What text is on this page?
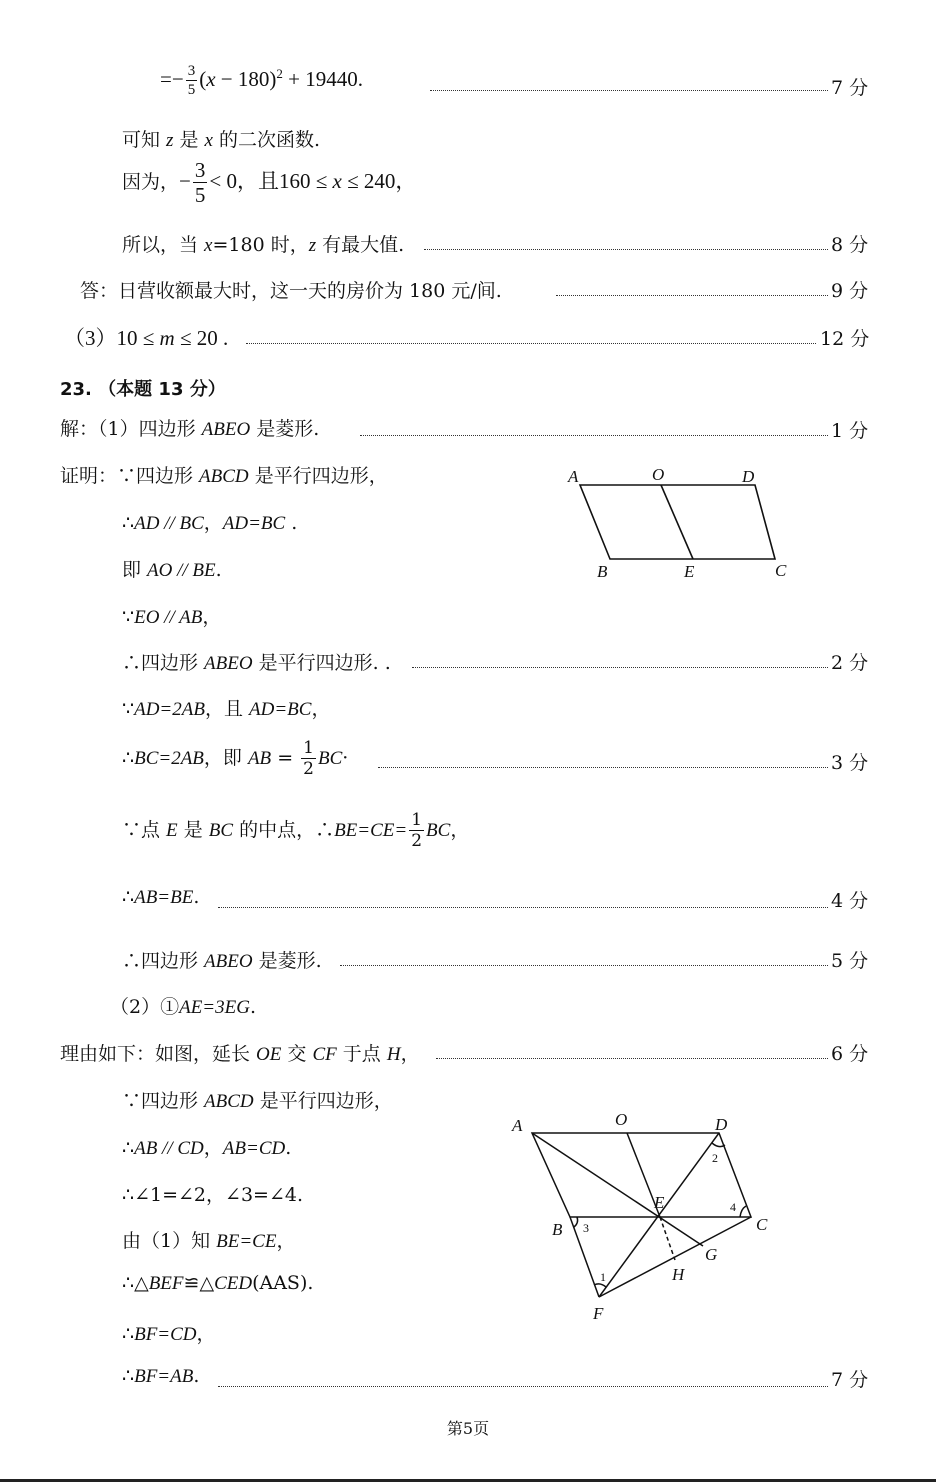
=− $\frac{3}{5} (x - 180)^2 + 19440$.	7 分
可知 z 是 x 的二次函数.
因为，− $\frac{3}{5} < 0$，且160 ≤ x ≤ 240，
所以，当 x=180 时，z 有最大值.	8 分
答：日营收额最大时，这一天的房价为 180 元/间.	9 分
（3）10 ≤ m ≤ 20 .	12 分
23. （本题 13 分）
解：（1）四边形 ABEO 是菱形.	1 分
证明：∵四边形 ABCD 是平行四边形，	A	O	D
B	E	C
∴AD // BC，AD=BC .
即 AO // BE.
∵EO // AB，
∴四边形 ABEO 是平行四边形. .	2 分
∵AD=2AB，且 AD=BC，
∴BC=2AB，即 AB = $\frac{1}{2} BC\cdot$	3 分
∵点 E 是 BC 的中点，∴BE=CE= $\frac{1}{2}$ BC，
∴AB=BE.	4 分
∴四边形 ABEO 是菱形.	5 分
（2）①AE=3EG.
理由如下：如图，延长 OE 交 CF 于点 H，	6 分
∵四边形 ABCD 是平行四边形，
A	O	D
E
B	C
G
H
F
1
2
3
4
∴AB // CD，AB=CD.
∴∠1=∠2，∠3=∠4.
由（1）知 BE=CE，
∴△BEF≌△CED(AAS).
∴BF=CD，
∴BF=AB.	7 分
第5页
